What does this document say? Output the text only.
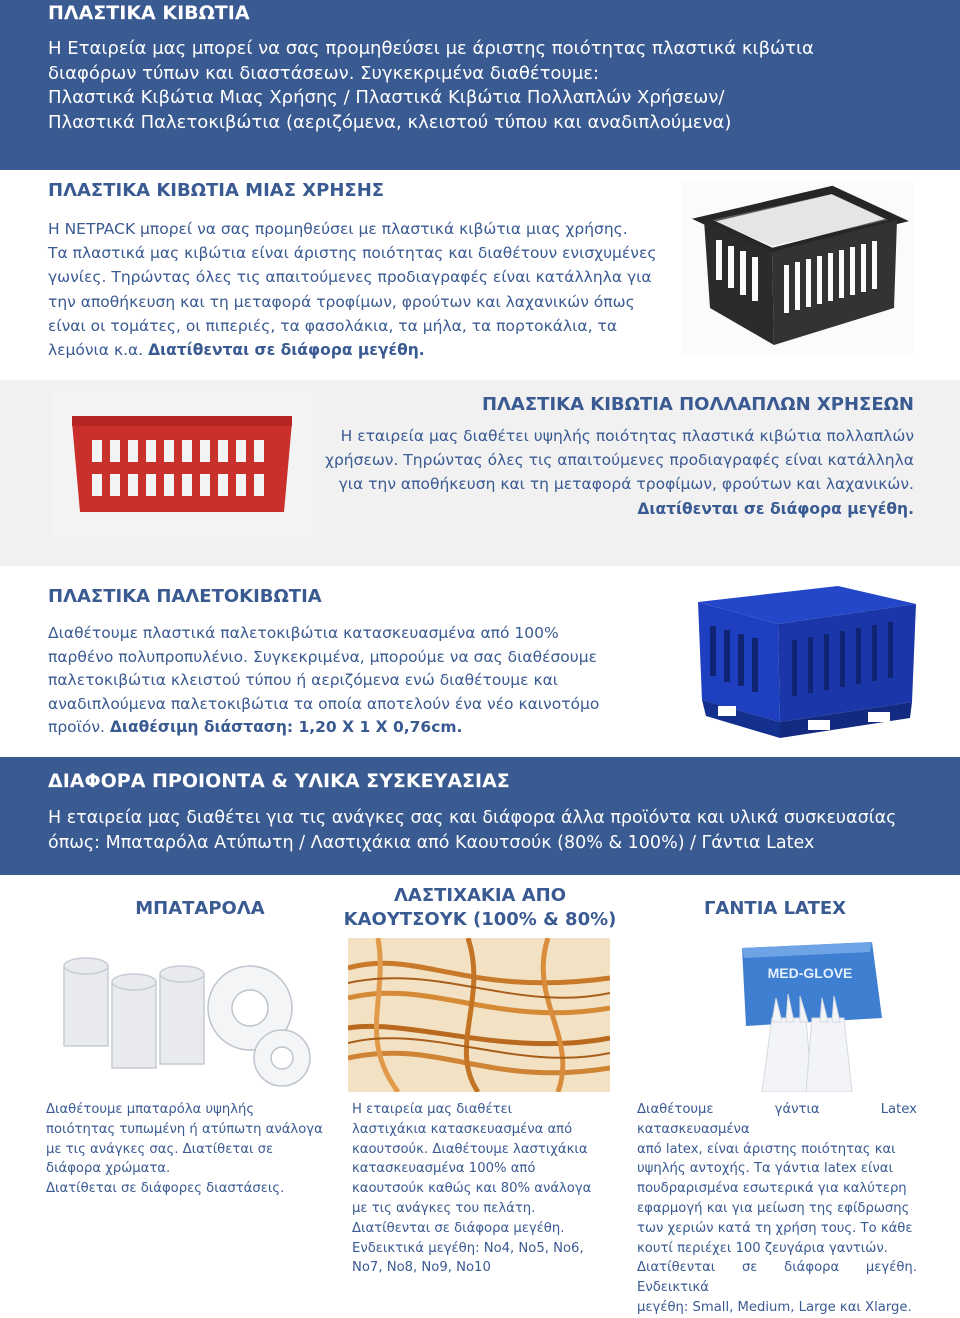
ΠΛΑΣΤΙΚΑ ΚΙΒΩΤΙΑ

Η Εταιρεία μας μπορεί να σας προμηθεύσει με άριστης ποιότητας πλαστικά κιβώτια

διαφόρων τύπων και διαστάσεων. Συγκεκριμένα διαθέτουμε:

Πλαστικά Κιβώτια Μιας Χρήσης / Πλαστικά Κιβώτια Πολλαπλών Χρήσεων/

Πλαστικά Παλετοκιβώτια (αεριζόμενα, κλειστού τύπου και αναδιπλούμενα)

ΠΛΑΣΤΙΚΑ ΚΙΒΩΤΙΑ ΜΙΑΣ ΧΡΗΣΗΣ

Η NETPACK μπορεί να σας προμηθεύσει με πλαστικά κιβώτια μιας χρήσης.

Τα πλαστικά μας κιβώτια είναι άριστης ποιότητας και διαθέτουν ενισχυμένες

γωνίες. Τηρώντας όλες τις απαιτούμενες προδιαγραφές είναι κατάλληλα για

την αποθήκευση και τη μεταφορά τροφίμων, φρούτων και λαχανικών όπως

είναι οι τομάτες, οι πιπεριές, τα φασολάκια, τα μήλα, τα πορτοκάλια, τα

λεμόνια κ.α. Διατίθενται σε διάφορα μεγέθη.

ΠΛΑΣΤΙΚΑ ΚΙΒΩΤΙΑ ΠΟΛΛΑΠΛΩΝ ΧΡΗΣΕΩΝ

Η εταιρεία μας διαθέτει υψηλής ποιότητας πλαστικά κιβώτια πολλαπλών

χρήσεων. Τηρώντας όλες τις απαιτούμενες προδιαγραφές είναι κατάλληλα

για την αποθήκευση και τη μεταφορά τροφίμων, φρούτων και λαχανικών.

Διατίθενται σε διάφορα μεγέθη.

ΠΛΑΣΤΙΚΑ ΠΑΛΕΤΟΚΙΒΩΤΙΑ

Διαθέτουμε πλαστικά παλετοκιβώτια κατασκευασμένα από 100%

παρθένο πολυπροπυλένιο. Συγκεκριμένα, μπορούμε να σας διαθέσουμε

παλετοκιβώτια κλειστού τύπου ή αεριζόμενα ενώ διαθέτουμε και

αναδιπλούμενα παλετοκιβώτια τα οποία αποτελούν ένα νέο καινοτόμο

προϊόν. Διαθέσιμη διάσταση: 1,20 Χ 1 Χ 0,76cm.

ΔΙΑΦΟΡΑ ΠΡΟΙΟΝΤΑ & ΥΛΙΚΑ ΣΥΣΚΕΥΑΣΙΑΣ

Η εταιρεία μας διαθέτει για τις ανάγκες σας και διάφορα άλλα προϊόντα και υλικά συσκευασίας

όπως: Μπαταρόλα Ατύπωτη / Λαστιχάκια από Καουτσούκ (80% & 100%) / Γάντια Latex

ΜΠΑΤΑΡΟΛΑ
ΛΑΣΤΙΧΑΚΙΑ ΑΠΟ
ΚΑΟΥΤΣΟΥΚ (100% & 80%)
ΓΑΝΤΙΑ LATEX
MED-GLOVE

Διαθέτουμε μπαταρόλα υψηλής

ποιότητας τυπωμένη ή ατύπωτη ανάλογα

με τις ανάγκες σας. Διατίθεται σε

διάφορα χρώματα.

Διατίθεται σε διάφορες διαστάσεις.

Η εταιρεία μας διαθέτει

λαστιχάκια κατασκευασμένα από

καουτσούκ. Διαθέτουμε λαστιχάκια

κατασκευασμένα 100% από

καουτσούκ καθώς και 80% ανάλογα

με τις ανάγκες του πελάτη.

Διατίθενται σε διάφορα μεγέθη.

Ενδεικτικά μεγέθη: No4, No5, No6,

No7, No8, No9, No10

Διαθέτουμε γάντια Latex κατασκευασμένα

από latex, είναι άριστης ποιότητας και

υψηλής αντοχής. Τα γάντια latex είναι

πουδραρισμένα εσωτερικά για καλύτερη

εφαρμογή και για μείωση της εφίδρωσης

των χεριών κατά τη χρήση τους. Το κάθε

κουτί περιέχει 100 ζευγάρια γαντιών.

Διατίθενται σε διάφορα μεγέθη. Ενδεικτικά

μεγέθη: Small, Medium, Large και Xlarge.
